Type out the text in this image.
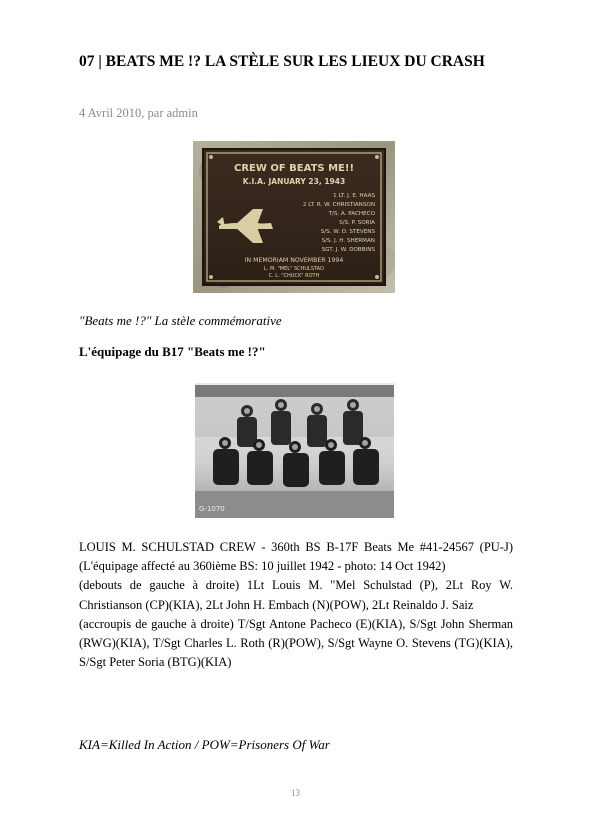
07 | BEATS ME !? LA STÈLE SUR LES LIEUX DU CRASH
4 Avril 2010, par admin
CREW OF BEATS ME!!
K.I.A. JANUARY 23, 1943
1 LT. J. E. HAAS
2 LT. R. W. CHRISTIANSON
T/S. A. PACHECO
S/S. P. SORIA
S/S. W. O. STEVENS
S/S. J. H. SHERMAN
SGT. J. W. DOBBINS
IN MEMORIAM NOVEMBER 1994
L. M. "MEL" SCHULSTAD
C. L. "CHUCK" ROTH
"Beats me !?" La stèle commémorative
L'équipage du B17 "Beats me !?"
G-1070

LOUIS M. SCHULSTAD CREW - 360th BS B-17F Beats Me #41-24567 (PU-J) (L'équipage affecté au 360ième BS: 10 juillet 1942 - photo: 14 Oct 1942)

(debouts de gauche à droite) 1Lt Louis M. "Mel Schulstad (P), 2Lt Roy W. Christianson (CP)(KIA), 2Lt John H. Embach (N)(POW), 2Lt Reinaldo J. Saiz

(accroupis de gauche à droite) T/Sgt Antone Pacheco (E)(KIA), S/Sgt John Sherman (RWG)(KIA), T/Sgt Charles L. Roth (R)(POW), S/Sgt Wayne O. Stevens (TG)(KIA), S/Sgt Peter Soria (BTG)(KIA)

KIA=Killed In Action / POW=Prisoners Of War
13
